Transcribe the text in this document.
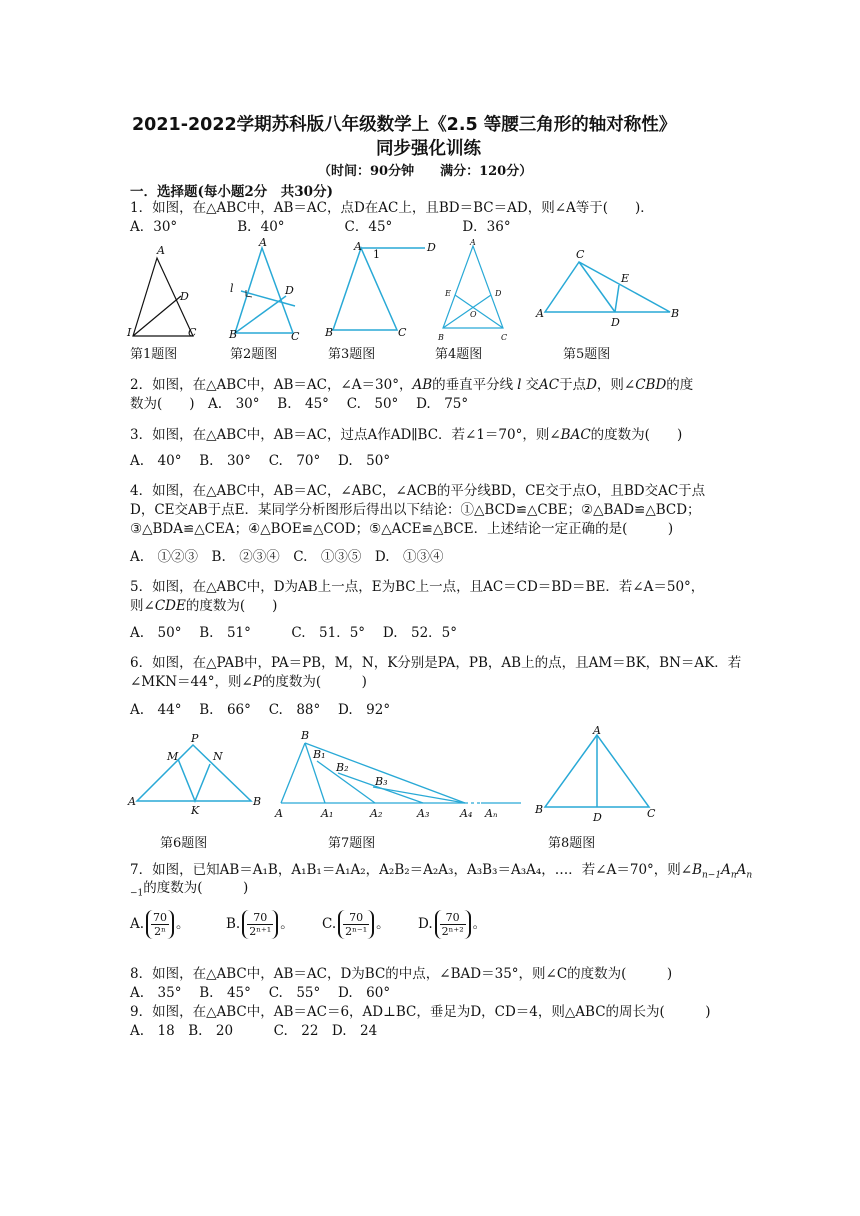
2021-2022学期苏科版八年级数学上《2.5 等腰三角形的轴对称性》
同步强化训练
（时间：90分钟　　满分：120分）
一．选择题(每小题2分　共30分)
1．如图，在△ABC中，AB＝AC，点D在AC上，且BD＝BC＝AD，则∠A等于(　　)．
A．30°	B．40°	C．45°	D．36°
A
D
C
I
A
l	D
B	C
A
1
D
B	C
A
E	D
O
B	C
C
E
A
D
B
第1题图	第2题图	第3题图	第4题图	第5题图
2．如图，在△ABC中，AB＝AC，∠A＝30°，AB的垂直平分线 l 交AC于点D，则∠CBD的度
数为(　　)　A.　30°　 B.　45°　 C.　50°　 D.　75°
3．如图，在△ABC中，AB＝AC，过点A作AD∥BC．若∠1＝70°，则∠BAC的度数为(　　)
A.　40°　 B.　30°　 C.　70°　 D.　50°
4．如图，在△ABC中，AB＝AC，∠ABC，∠ACB的平分线BD，CE交于点O，且BD交AC于点
D，CE交AB于点E．某同学分析图形后得出以下结论：①△BCD≌△CBE；②△BAD≌△BCD；
③△BDA≌△CEA；④△BOE≌△COD；⑤△ACE≌△BCE．上述结论一定正确的是(　　　)
A.　①②③　B.　②③④　C.　①③⑤　D.　①③④
5．如图，在△ABC中，D为AB上一点，E为BC上一点，且AC＝CD＝BD＝BE．若∠A＝50°，
则∠CDE的度数为(　　)
A.　50°　 B.　51°　　　C.　51．5°　 D.　52．5°
6．如图，在△PAB中，PA＝PB，M，N，K分别是PA，PB，AB上的点，且AM＝BK，BN＝AK．若
∠MKN＝44°，则∠P的度数为(　　　)
A.　44°　 B.　66°　 C.　88°　 D.　92°
P
M	N
A
K
B
B
B₁
B₂
B₃
A	A₁	A₂	A₃	A₄ Aₙ
A
B
D	C
第6题图	第7题图	第8题图
7．如图，已知AB＝A₁B，A₁B₁＝A₁A₂，A₂B₂＝A₂A₃，A₃B₃＝A₃A₄，…．若∠A＝70°，则$\angle B_{n-1}A_nA_n$
$_{-1}$的度数为(　　　)
A. $\frac{70}{\text{2ⁿ}}$ 。	B. $\frac{70}{\text{2ⁿ⁺¹}}$ 。 C. $\frac{70}{\text{2ⁿ⁻¹}}$ 。 D. $\frac{70}{\text{2ⁿ⁺²}}$ 。
8．如图，在△ABC中，AB＝AC，D为BC的中点，∠BAD＝35°，则∠C的度数为(　　　)
A.　35°　 B.　45°　 C.　55°　 D.　60°
9．如图，在△ABC中，AB＝AC＝6，AD⊥BC，垂足为D，CD＝4，则△ABC的周长为(　　　)
A.　18　B.　20　　　C.　22　D.　24
